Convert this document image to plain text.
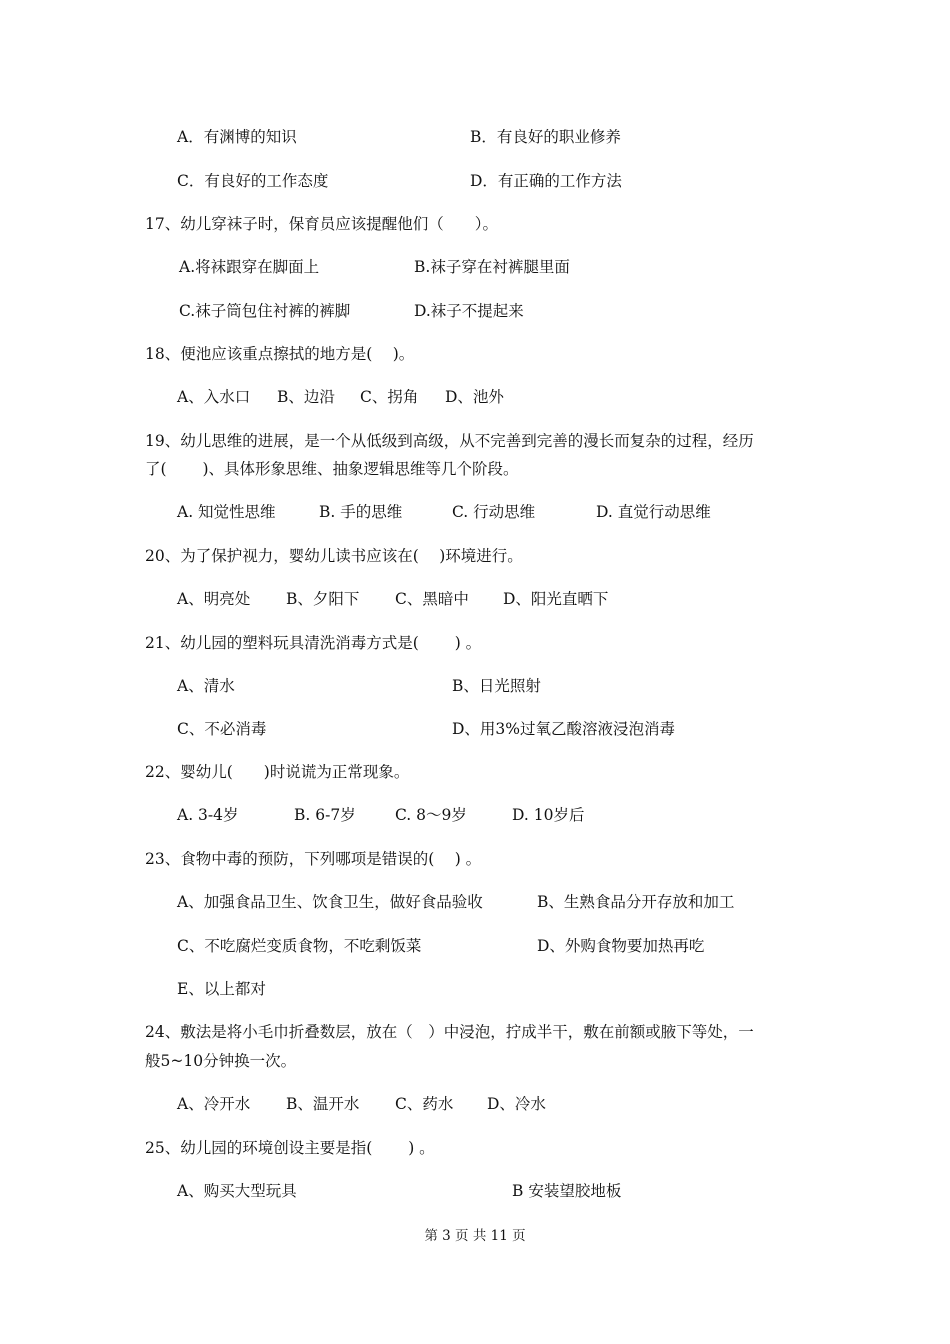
A．有渊博的知识	B．有良好的职业修养
C．有良好的工作态度	D．有正确的工作方法
17、幼儿穿袜子时，保育员应该提醒他们（　　）。
A.将袜跟穿在脚面上	B.袜子穿在衬裤腿里面
C.袜子筒包住衬裤的裤脚	D.袜子不提起来
18、便池应该重点擦拭的地方是(　 )。
A、入水口 B、边沿 C、拐角 D、池外
19、幼儿思维的进展，是一个从低级到高级，从不完善到完善的漫长而复杂的过程，经历
了(　　 )、具体形象思维、抽象逻辑思维等几个阶段。
A. 知觉性思维	B. 手的思维	C. 行动思维	D. 直觉行动思维
20、为了保护视力，婴幼儿读书应该在(　 )环境进行。
A、明亮处 B、夕阳下 C、黑暗中 D、阳光直晒下
21、幼儿园的塑料玩具清洗消毒方式是(　　 ) 。
A、清水	B、日光照射
C、不必消毒	D、用3%过氧乙酸溶液浸泡消毒
22、婴幼儿(　　)时说谎为正常现象。
A. 3-4岁	B. 6-7岁	C. 8～9岁	D. 10岁后
23、食物中毒的预防，下列哪项是错误的(　 ) 。
A、加强食品卫生、饮食卫生，做好食品验收	B、生熟食品分开存放和加工
C、不吃腐烂变质食物，不吃剩饭菜	D、外购食物要加热再吃
E、以上都对
24、敷法是将小毛巾折叠数层，放在（　）中浸泡，拧成半干，敷在前额或腋下等处，一
般5~10分钟换一次。
A、冷开水 B、温开水 C、药水 D、冷水
25、幼儿园的环境创设主要是指(　　 ) 。
A、购买大型玩具	B 安装望胶地板
第 3 页 共 11 页
